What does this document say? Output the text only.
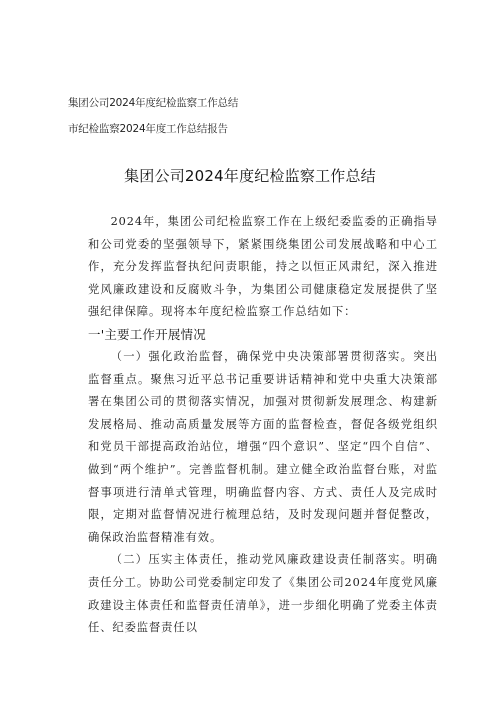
集团公司2024年度纪检监察工作总结
市纪检监察2024年度工作总结报告
集团公司2024年度纪检监察工作总结

2024年，集团公司纪检监察工作在上级纪委监委的正确指导和公司党委的坚强领导下，紧紧围绕集团公司发展战略和中心工作，充分发挥监督执纪问责职能，持之以恒正风肃纪，深入推进党风廉政建设和反腐败斗争，为集团公司健康稳定发展提供了坚强纪律保障。现将本年度纪检监察工作总结如下：

一'主要工作开展情况

（一）强化政治监督，确保党中央决策部署贯彻落实。突出监督重点。聚焦习近平总书记重要讲话精神和党中央重大决策部署在集团公司的贯彻落实情况，加强对贯彻新发展理念、构建新发展格局、推动高质量发展等方面的监督检查，督促各级党组织和党员干部提高政治站位，增强“四个意识”、坚定“四个自信”、做到“两个维护”。完善监督机制。建立健全政治监督台账，对监督事项进行清单式管理，明确监督内容、方式、责任人及完成时限，定期对监督情况进行梳理总结，及时发现问题并督促整改，确保政治监督精准有效。

（二）压实主体责任，推动党风廉政建设责任制落实。明确责任分工。协助公司党委制定印发了《集团公司2024年度党风廉政建设主体责任和监督责任清单》，进一步细化明确了党委主体责任、纪委监督责任以
